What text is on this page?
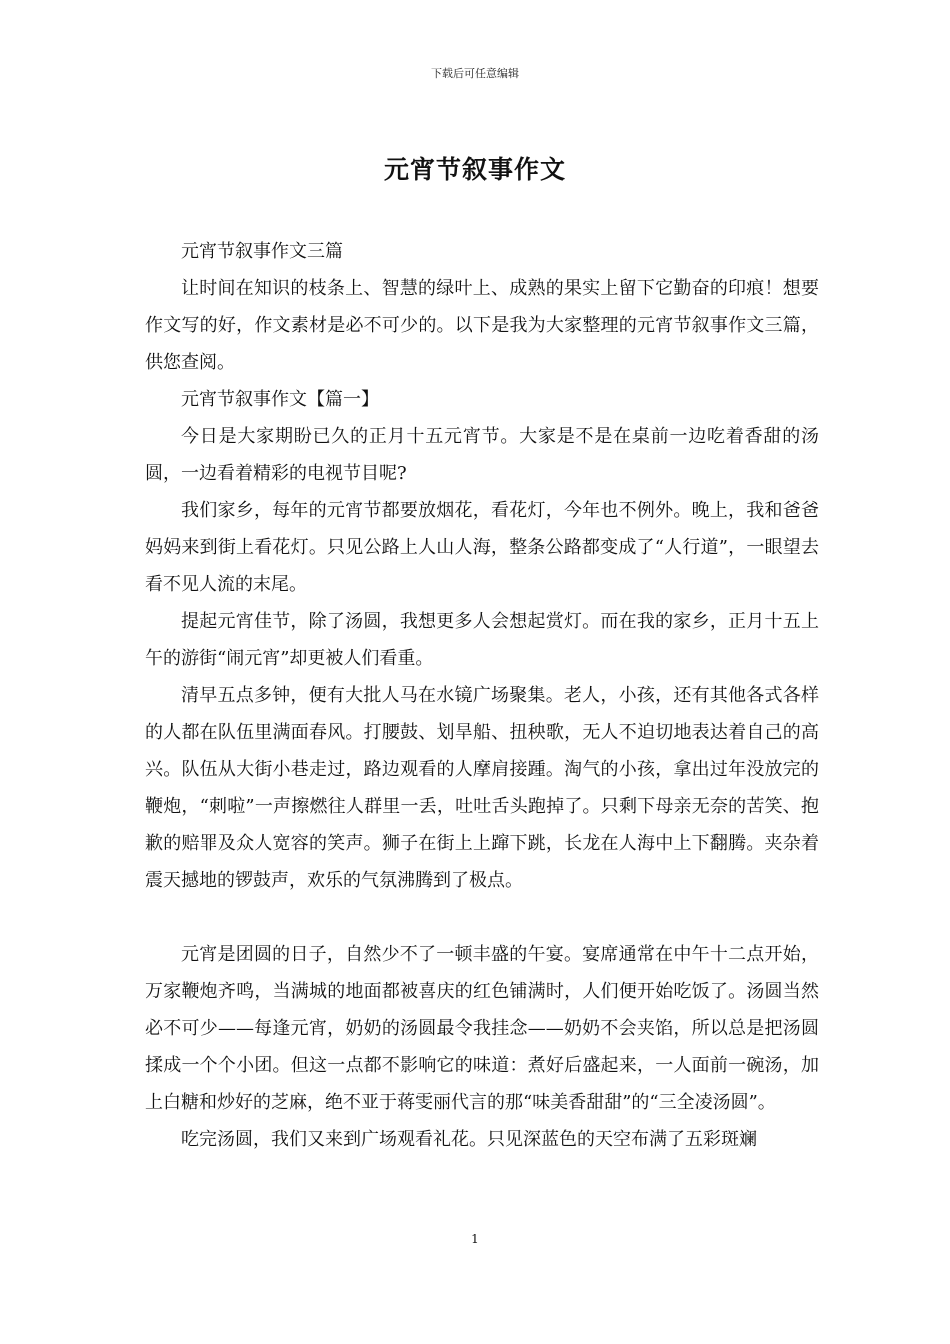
下载后可任意编辑
元宵节叙事作文

元宵节叙事作文三篇

让时间在知识的枝条上、智慧的绿叶上、成熟的果实上留下它勤奋的印痕！想要作文写的好，作文素材是必不可少的。以下是我为大家整理的元宵节叙事作文三篇，供您查阅。

元宵节叙事作文【篇一】

今日是大家期盼已久的正月十五元宵节。大家是不是在桌前一边吃着香甜的汤圆，一边看着精彩的电视节目呢?

我们家乡，每年的元宵节都要放烟花，看花灯，今年也不例外。晚上，我和爸爸妈妈来到街上看花灯。只见公路上人山人海，整条公路都变成了“人行道”，一眼望去看不见人流的末尾。

提起元宵佳节，除了汤圆，我想更多人会想起赏灯。而在我的家乡，正月十五上午的游街“闹元宵”却更被人们看重。

清早五点多钟，便有大批人马在水镜广场聚集。老人，小孩，还有其他各式各样的人都在队伍里满面春风。打腰鼓、划旱船、扭秧歌，无人不迫切地表达着自己的高兴。队伍从大街小巷走过，路边观看的人摩肩接踵。淘气的小孩，拿出过年没放完的鞭炮，“刺啦”一声擦燃往人群里一丢，吐吐舌头跑掉了。只剩下母亲无奈的苦笑、抱歉的赔罪及众人宽容的笑声。狮子在街上上蹿下跳，长龙在人海中上下翻腾。夹杂着震天撼地的锣鼓声，欢乐的气氛沸腾到了极点。

元宵是团圆的日子，自然少不了一顿丰盛的午宴。宴席通常在中午十二点开始，万家鞭炮齐鸣，当满城的地面都被喜庆的红色铺满时，人们便开始吃饭了。汤圆当然必不可少——每逢元宵，奶奶的汤圆最令我挂念——奶奶不会夹馅，所以总是把汤圆揉成一个个小团。但这一点都不影响它的味道：煮好后盛起来，一人面前一碗汤，加上白糖和炒好的芝麻，绝不亚于蒋雯丽代言的那“味美香甜甜”的“三全凌汤圆”。

吃完汤圆，我们又来到广场观看礼花。只见深蓝色的天空布满了五彩斑斓

1
